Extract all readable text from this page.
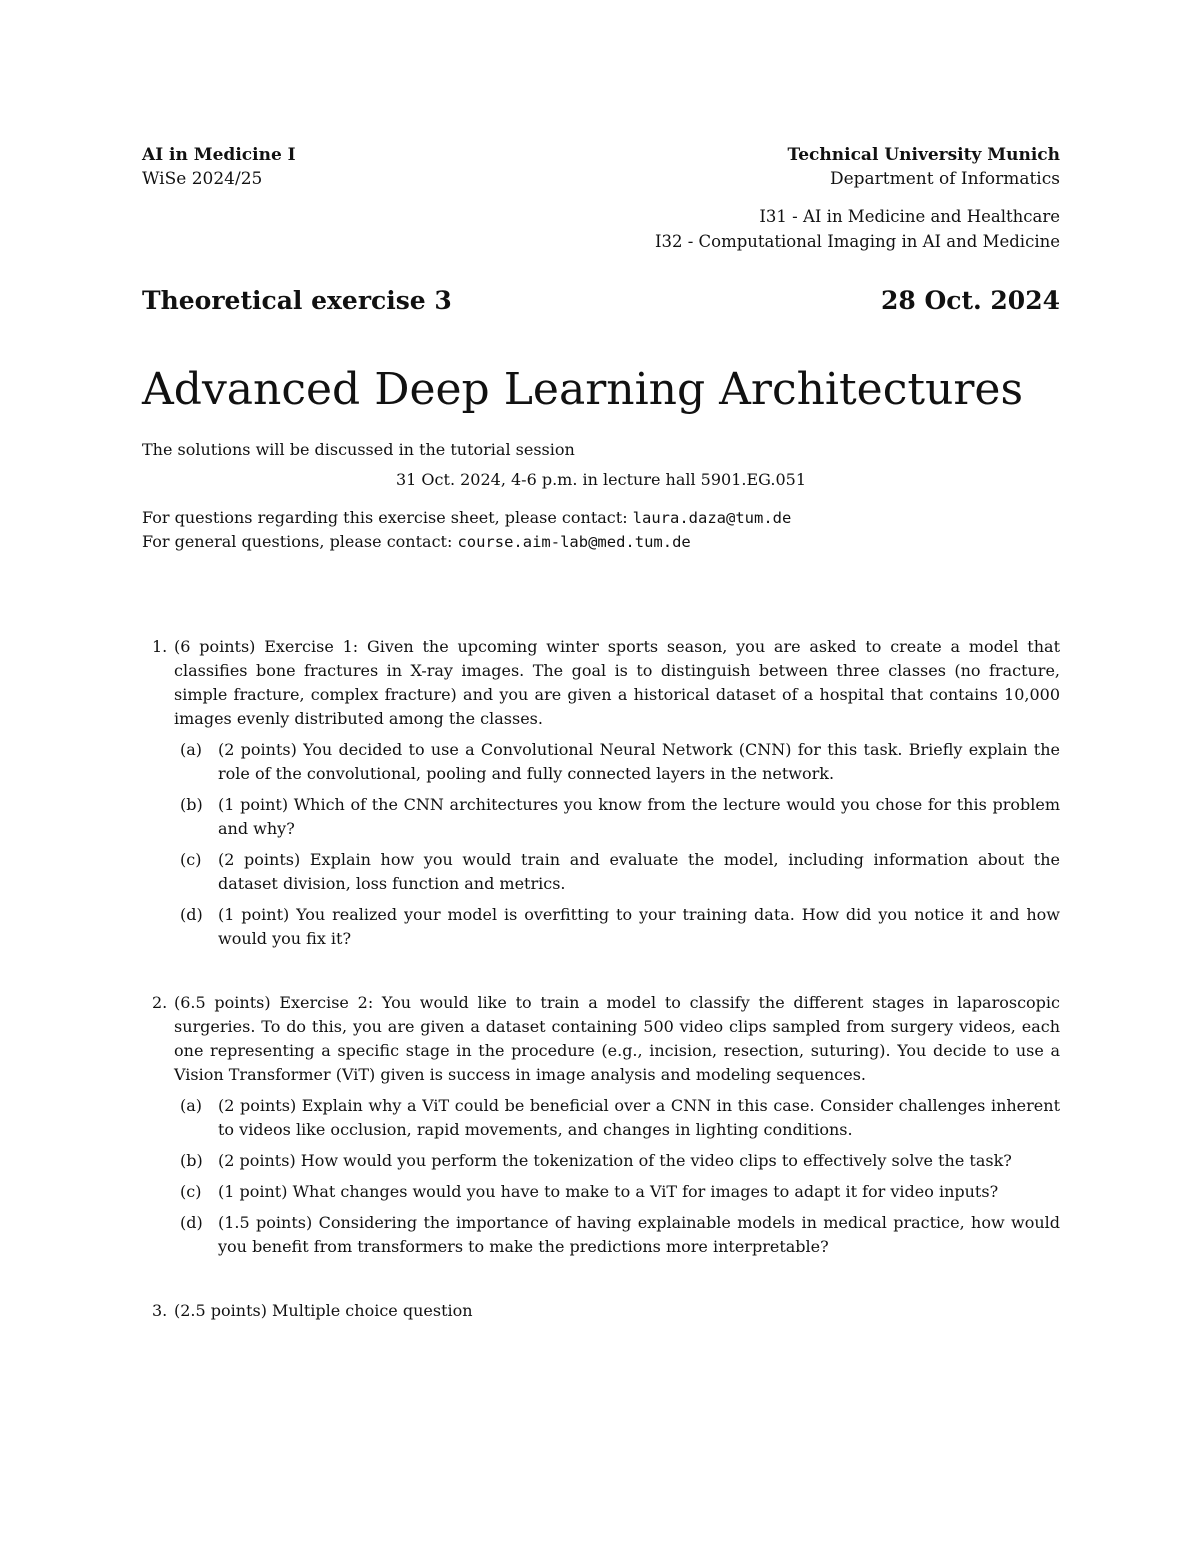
AI in Medicine I
WiSe 2024/25
Technical University Munich
Department of Informatics
I31 - AI in Medicine and Healthcare
I32 - Computational Imaging in AI and Medicine
Theoretical exercise 3	28 Oct. 2024
Advanced Deep Learning Architectures
The solutions will be discussed in the tutorial session
31 Oct. 2024, 4-6 p.m. in lecture hall 5901.EG.051
For questions regarding this exercise sheet, please contact: laura.daza@tum.de
For general questions, please contact: course.aim-lab@med.tum.de
1. (6 points) Exercise 1: Given the upcoming winter sports season, you are asked to create a model that classifies bone fractures in X-ray images. The goal is to distinguish between three classes (no fracture, simple fracture, complex fracture) and you are given a historical dataset of a hospital that contains 10,000 images evenly distributed among the classes.
(a) (2 points) You decided to use a Convolutional Neural Network (CNN) for this task. Briefly explain the role of the convolutional, pooling and fully connected layers in the network.
(b) (1 point) Which of the CNN architectures you know from the lecture would you chose for this problem and why?
(c) (2 points) Explain how you would train and evaluate the model, including information about the dataset division, loss function and metrics.
(d) (1 point) You realized your model is overfitting to your training data. How did you notice it and how would you fix it?
2. (6.5 points) Exercise 2: You would like to train a model to classify the different stages in laparoscopic surgeries. To do this, you are given a dataset containing 500 video clips sampled from surgery videos, each one representing a specific stage in the procedure (e.g., incision, resection, suturing). You decide to use a Vision Transformer (ViT) given is success in image analysis and modeling sequences.
(a) (2 points) Explain why a ViT could be beneficial over a CNN in this case. Consider challenges inherent to videos like occlusion, rapid movements, and changes in lighting conditions.
(b) (2 points) How would you perform the tokenization of the video clips to effectively solve the task?
(c) (1 point) What changes would you have to make to a ViT for images to adapt it for video inputs?
(d) (1.5 points) Considering the importance of having explainable models in medical practice, how would you benefit from transformers to make the predictions more interpretable?
3. (2.5 points) Multiple choice question
